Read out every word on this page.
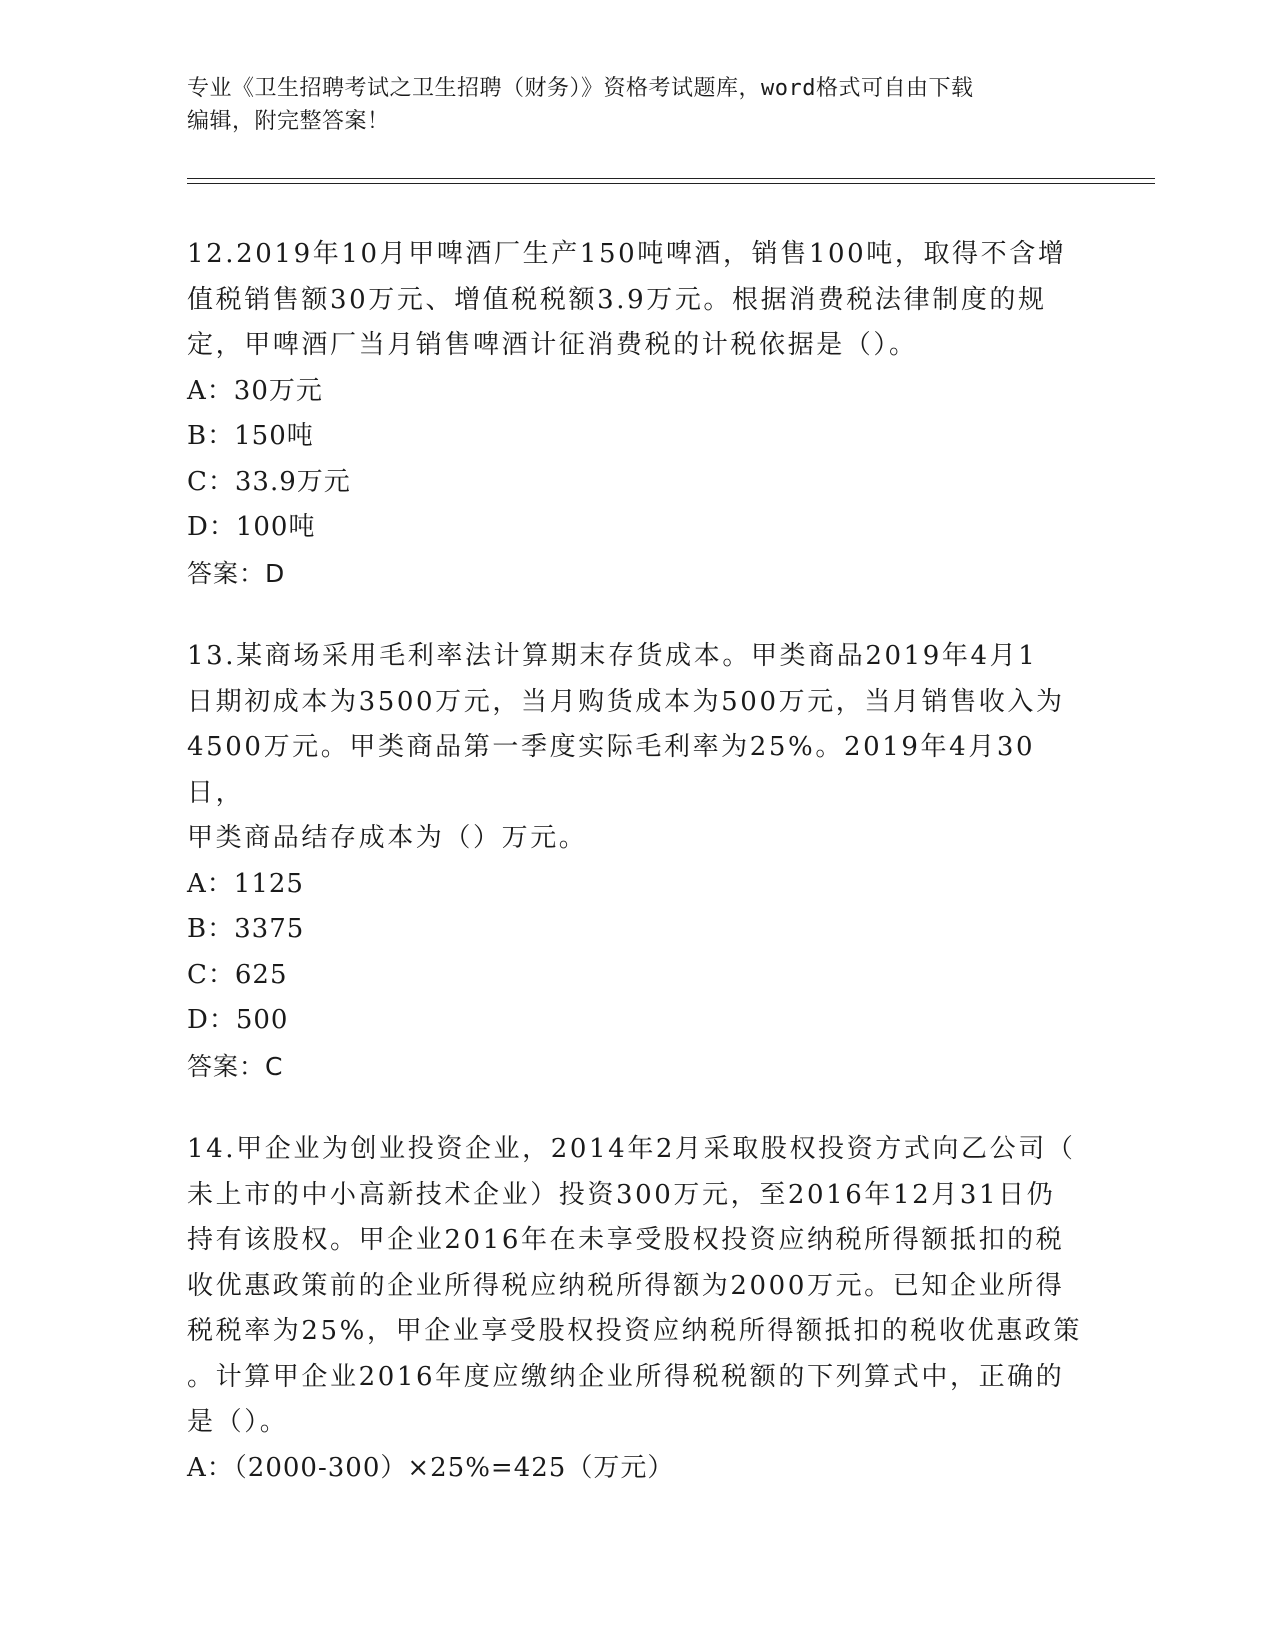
专业《卫生招聘考试之卫生招聘（财务）》资格考试题库，word格式可自由下载
编辑，附完整答案！

12.2019年10月甲啤酒厂生产150吨啤酒，销售100吨，取得不含增

值税销售额30万元、增值税税额3.9万元。根据消费税法律制度的规

定，甲啤酒厂当月销售啤酒计征消费税的计税依据是（）。

A：30万元

B：150吨

C：33.9万元

D：100吨

答案：D

13.某商场采用毛利率法计算期末存货成本。甲类商品2019年4月1

日期初成本为3500万元，当月购货成本为500万元，当月销售收入为

4500万元。甲类商品第一季度实际毛利率为25%。2019年4月30日，

甲类商品结存成本为（）万元。

A：1125

B：3375

C：625

D：500

答案：C

14.甲企业为创业投资企业，2014年2月采取股权投资方式向乙公司（

未上市的中小高新技术企业）投资300万元，至2016年12月31日仍

持有该股权。甲企业2016年在未享受股权投资应纳税所得额抵扣的税

收优惠政策前的企业所得税应纳税所得额为2000万元。已知企业所得

税税率为25%，甲企业享受股权投资应纳税所得额抵扣的税收优惠政策

。计算甲企业2016年度应缴纳企业所得税税额的下列算式中，正确的

是（）。

A：（2000-300）×25%=425（万元）
